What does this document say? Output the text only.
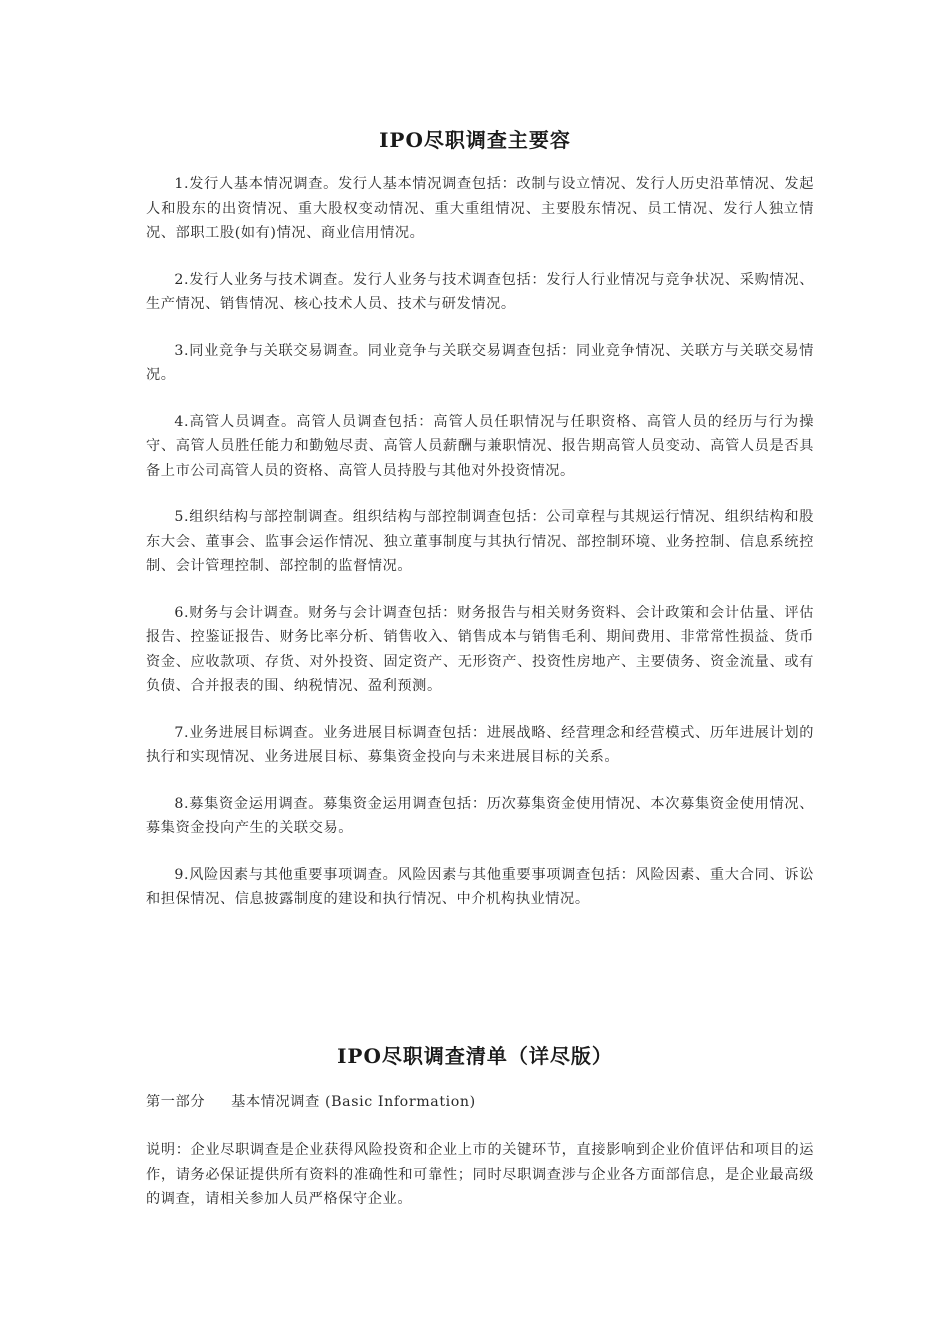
IPO尽职调查主要容

1.发行人基本情况调查。发行人基本情况调查包括：改制与设立情况、发行人历史沿革情况、发起人和股东的出资情况、重大股权变动情况、重大重组情况、主要股东情况、员工情况、发行人独立情况、部职工股(如有)情况、商业信用情况。

2.发行人业务与技术调查。发行人业务与技术调查包括：发行人行业情况与竞争状况、采购情况、生产情况、销售情况、核心技术人员、技术与研发情况。

3.同业竞争与关联交易调查。同业竞争与关联交易调查包括：同业竞争情况、关联方与关联交易情况。

4.高管人员调查。高管人员调查包括：高管人员任职情况与任职资格、高管人员的经历与行为操守、高管人员胜任能力和勤勉尽责、高管人员薪酬与兼职情况、报告期高管人员变动、高管人员是否具备上市公司高管人员的资格、高管人员持股与其他对外投资情况。

5.组织结构与部控制调查。组织结构与部控制调查包括：公司章程与其规运行情况、组织结构和股东大会、董事会、监事会运作情况、独立董事制度与其执行情况、部控制环境、业务控制、信息系统控制、会计管理控制、部控制的监督情况。

6.财务与会计调查。财务与会计调查包括：财务报告与相关财务资料、会计政策和会计估量、评估报告、控鉴证报告、财务比率分析、销售收入、销售成本与销售毛利、期间费用、非常常性损益、货币资金、应收款项、存货、对外投资、固定资产、无形资产、投资性房地产、主要债务、资金流量、或有负债、合并报表的围、纳税情况、盈利预测。

7.业务进展目标调查。业务进展目标调查包括：进展战略、经营理念和经营模式、历年进展计划的执行和实现情况、业务进展目标、募集资金投向与未来进展目标的关系。

8.募集资金运用调查。募集资金运用调查包括：历次募集资金使用情况、本次募集资金使用情况、募集资金投向产生的关联交易。

9.风险因素与其他重要事项调查。风险因素与其他重要事项调查包括：风险因素、重大合同、诉讼和担保情况、信息披露制度的建设和执行情况、中介机构执业情况。

IPO尽职调查清单（详尽版）
第一部分 基本情况调查 (Basic Information)

说明：企业尽职调查是企业获得风险投资和企业上市的关键环节，直接影响到企业价值评估和项目的运作，请务必保证提供所有资料的准确性和可靠性；同时尽职调查涉与企业各方面部信息，是企业最高级的调查，请相关参加人员严格保守企业。
